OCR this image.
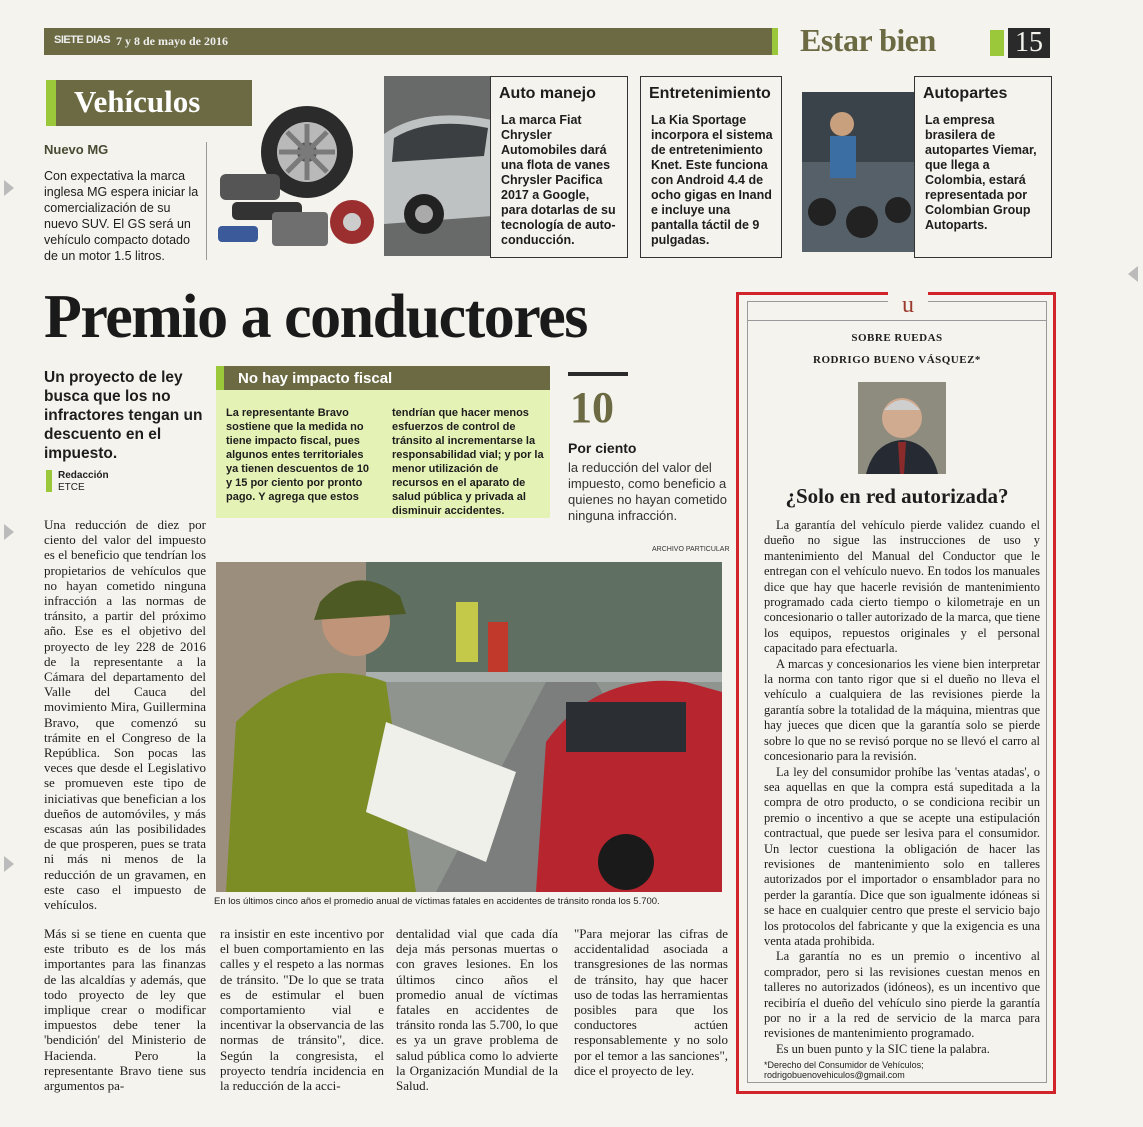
SIETE DIAS 7 y 8 de mayo de 2016	Estar bien	15
Vehículos
Nuevo MG
Con expectativa la marca inglesa MG espera iniciar la comercialización de su nuevo SUV. El GS será un vehículo compacto dotado de un motor 1.5 litros.
Auto manejo
La marca Fiat Chrysler Automobiles dará una flota de vanes Chrysler Pacifica 2017 a Google, para dotarlas de su tecnología de auto-conducción.
Entretenimiento
La Kia Sportage incorpora el sistema de entretenimiento Knet. Este funciona con Android 4.4 de ocho gigas en Inand e incluye una pantalla táctil de 9 pulgadas.
Autopartes
La empresa brasilera de autopartes Viemar, que llega a Colombia, estará representada por Colombian Group Autoparts.
Premio a conductores
Un proyecto de ley busca que los no infractores tengan un descuento en el impuesto.
Redacción
ETCE
No hay impacto fiscal
La representante Bravo sostiene que la medida no tiene impacto fiscal, pues algunos entes territoriales ya tienen descuentos de 10 y 15 por ciento por pronto pago. Y agrega que estos
tendrían que hacer menos esfuerzos de control de tránsito al incrementarse la responsabilidad vial; y por la menor utilización de recursos en el aparato de salud pública y privada al disminuir accidentes.
10
Por ciento
la reducción del valor del impuesto, como beneficio a quienes no hayan cometido ninguna infracción.
ARCHIVO PARTICULAR
En los últimos cinco años el promedio anual de víctimas fatales en accidentes de tránsito ronda los 5.700.
Una reducción de diez por ciento del valor del impuesto es el beneficio que tendrían los propietarios de vehículos que no hayan cometido ninguna infracción a las normas de tránsito, a partir del próximo año. Ese es el objetivo del proyecto de ley 228 de 2016 de la representante a la Cámara del departamento del Valle del Cauca del movimiento Mira, Guillermina Bravo, que comenzó su trámite en el Congreso de la República. Son pocas las veces que desde el Legislativo se promueven este tipo de iniciativas que benefician a los dueños de automóviles, y más escasas aún las posibilidades de que prosperen, pues se trata ni más ni menos de la reducción de un gravamen, en este caso el impuesto de vehículos.
Más si se tiene en cuenta que este tributo es de los más importantes para las finanzas de las alcaldías y además, que todo proyecto de ley que implique crear o modificar impuestos debe tener la 'bendición' del Ministerio de Hacienda. Pero la representante Bravo tiene sus argumentos pa-
ra insistir en este incentivo por el buen comportamiento en las calles y el respeto a las normas de tránsito. "De lo que se trata es de estimular el buen comportamiento vial e incentivar la observancia de las normas de tránsito", dice. Según la congresista, el proyecto tendría incidencia en la reducción de la acci-
dentalidad vial que cada día deja más personas muertas o con graves lesiones. En los últimos cinco años el promedio anual de víctimas fatales en accidentes de tránsito ronda las 5.700, lo que es ya un grave problema de salud pública como lo advierte la Organización Mundial de la Salud.
"Para mejorar las cifras de accidentalidad asociada a transgresiones de las normas de tránsito, hay que hacer uso de todas las herramientas posibles para que los conductores actúen responsablemente y no solo por el temor a las sanciones", dice el proyecto de ley.
u
SOBRE RUEDAS
RODRIGO BUENO VÁSQUEZ*
¿Solo en red autorizada?

La garantía del vehículo pierde validez cuando el dueño no sigue las instrucciones de uso y mantenimiento del Manual del Conductor que le entregan con el vehículo nuevo. En todos los manuales dice que hay que hacerle revisión de mantenimiento programado cada cierto tiempo o kilometraje en un concesionario o taller autorizado de la marca, que tiene los equipos, repuestos originales y el personal capacitado para efectuarla.

A marcas y concesionarios les viene bien interpretar la norma con tanto rigor que si el dueño no lleva el vehículo a cualquiera de las revisiones pierde la garantía sobre la totalidad de la máquina, mientras que hay jueces que dicen que la garantía solo se pierde sobre lo que no se revisó porque no se llevó el carro al concesionario para la revisión.

La ley del consumidor prohíbe las 'ventas atadas', o sea aquellas en que la compra está supeditada a la compra de otro producto, o se condiciona recibir un premio o incentivo a que se acepte una estipulación contractual, que puede ser lesiva para el consumidor. Un lector cuestiona la obligación de hacer las revisiones de mantenimiento solo en talleres autorizados por el importador o ensamblador para no perder la garantía. Dice que son igualmente idóneas si se hace en cualquier centro que preste el servicio bajo los protocolos del fabricante y que la exigencia es una venta atada prohibida.

La garantía no es un premio o incentivo al comprador, pero si las revisiones cuestan menos en talleres no autorizados (idóneos), es un incentivo que recibiría el dueño del vehículo sino pierde la garantía por no ir a la red de servicio de la marca para revisiones de mantenimiento programado.

Es un buen punto y la SIC tiene la palabra.

*Derecho del Consumidor de Vehículos;
rodrigobuenovehiculos@gmail.com
